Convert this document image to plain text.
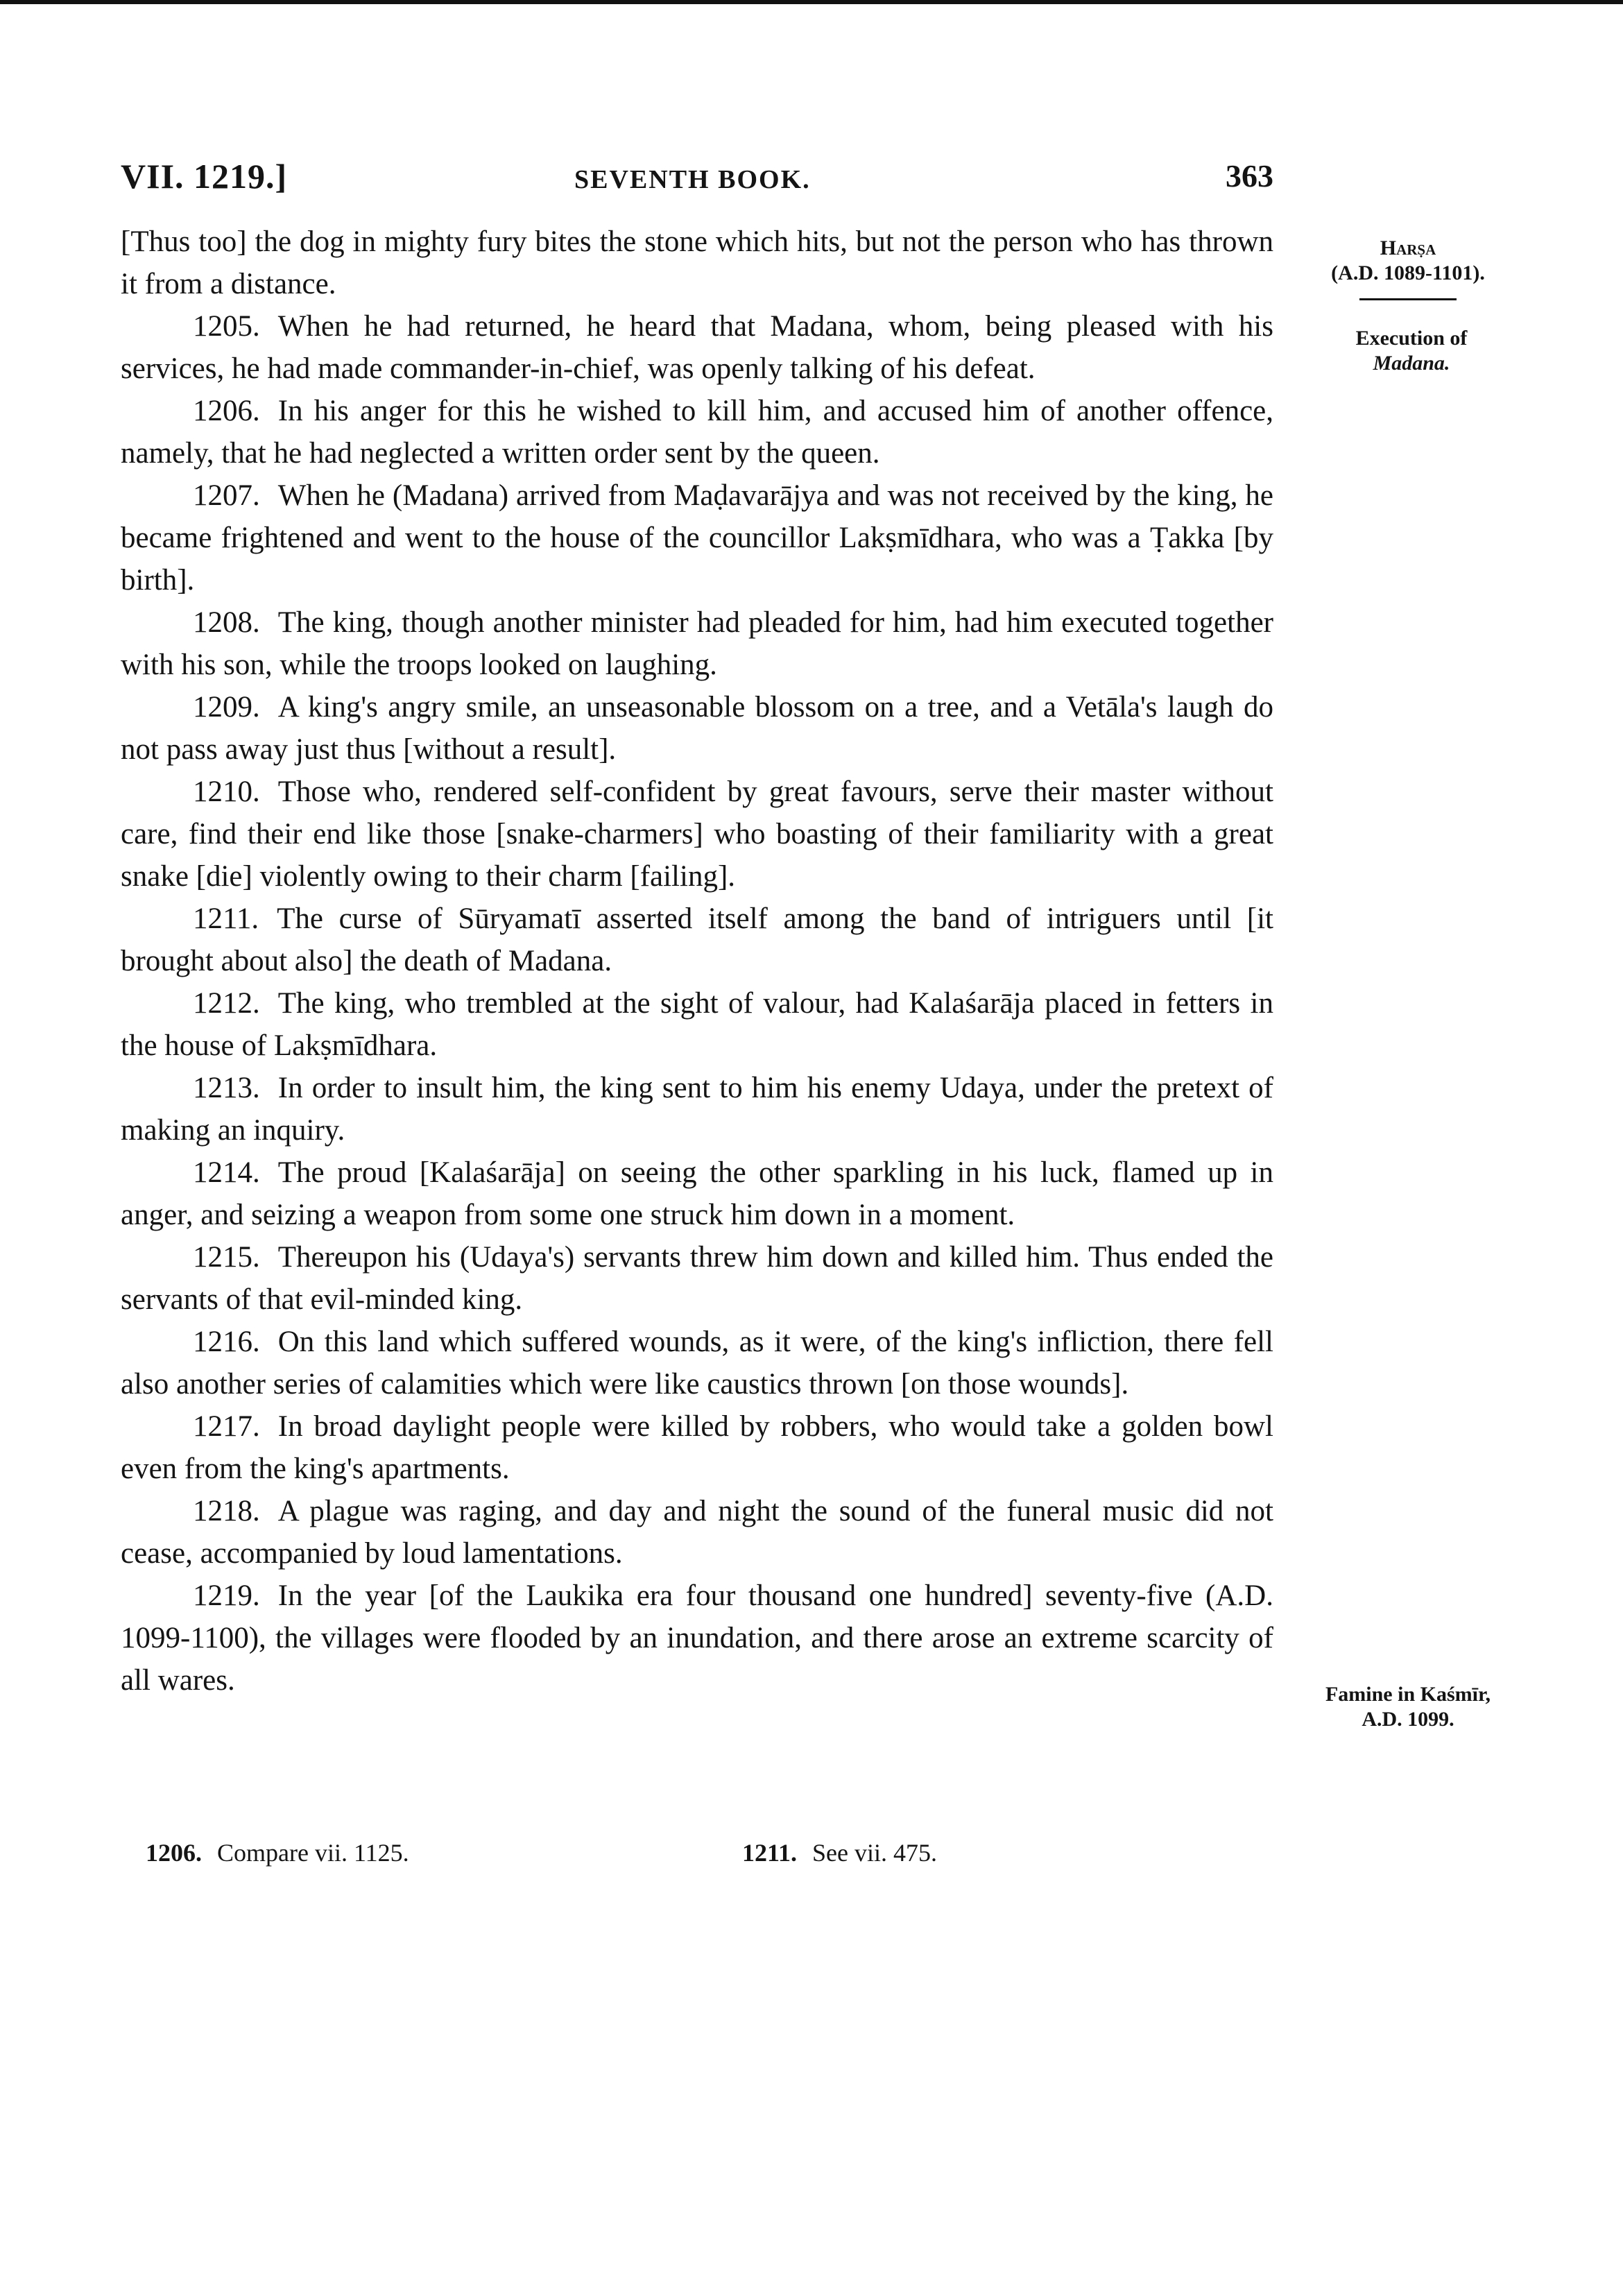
VII. 1219.]	SEVENTH BOOK.	363

[Thus too] the dog in mighty fury bites the stone which hits, but not the person who has thrown it from a distance.

1205. When he had returned, he heard that Madana, whom, being pleased with his services, he had made commander-in-chief, was openly talking of his defeat.

1206. In his anger for this he wished to kill him, and accused him of another offence, namely, that he had neglected a written order sent by the queen.

1207. When he (Madana) arrived from Maḍavarājya and was not received by the king, he became frightened and went to the house of the councillor Lakṣmīdhara, who was a Ṭakka [by birth].

1208. The king, though another minister had pleaded for him, had him executed together with his son, while the troops looked on laughing.

1209. A king's angry smile, an unseasonable blossom on a tree, and a Vetāla's laugh do not pass away just thus [without a result].

1210. Those who, rendered self-confident by great favours, serve their master without care, find their end like those [snake-charmers] who boasting of their familiarity with a great snake [die] violently owing to their charm [failing].

1211. The curse of Sūryamatī asserted itself among the band of intriguers until [it brought about also] the death of Madana.

1212. The king, who trembled at the sight of valour, had Kalaśarāja placed in fetters in the house of Lakṣmīdhara.

1213. In order to insult him, the king sent to him his enemy Udaya, under the pretext of making an inquiry.

1214. The proud [Kalaśarāja] on seeing the other sparkling in his luck, flamed up in anger, and seizing a weapon from some one struck him down in a moment.

1215. Thereupon his (Udaya's) servants threw him down and killed him. Thus ended the servants of that evil-minded king.

1216. On this land which suffered wounds, as it were, of the king's infliction, there fell also another series of calamities which were like caustics thrown [on those wounds].

1217. In broad daylight people were killed by robbers, who would take a golden bowl even from the king's apartments.

1218. A plague was raging, and day and night the sound of the funeral music did not cease, accompanied by loud lamentations.

1219. In the year [of the Laukika era four thousand one hundred] seventy-five (A.D. 1099-1100), the villages were flooded by an inundation, and there arose an extreme scarcity of all wares.

Harṣa
(A.D. 1089-1101).
Execution of
Madana.
Famine in Kaśmīr,
A.D. 1099.
1206. Compare vii. 1125.	1211. See vii. 475.
